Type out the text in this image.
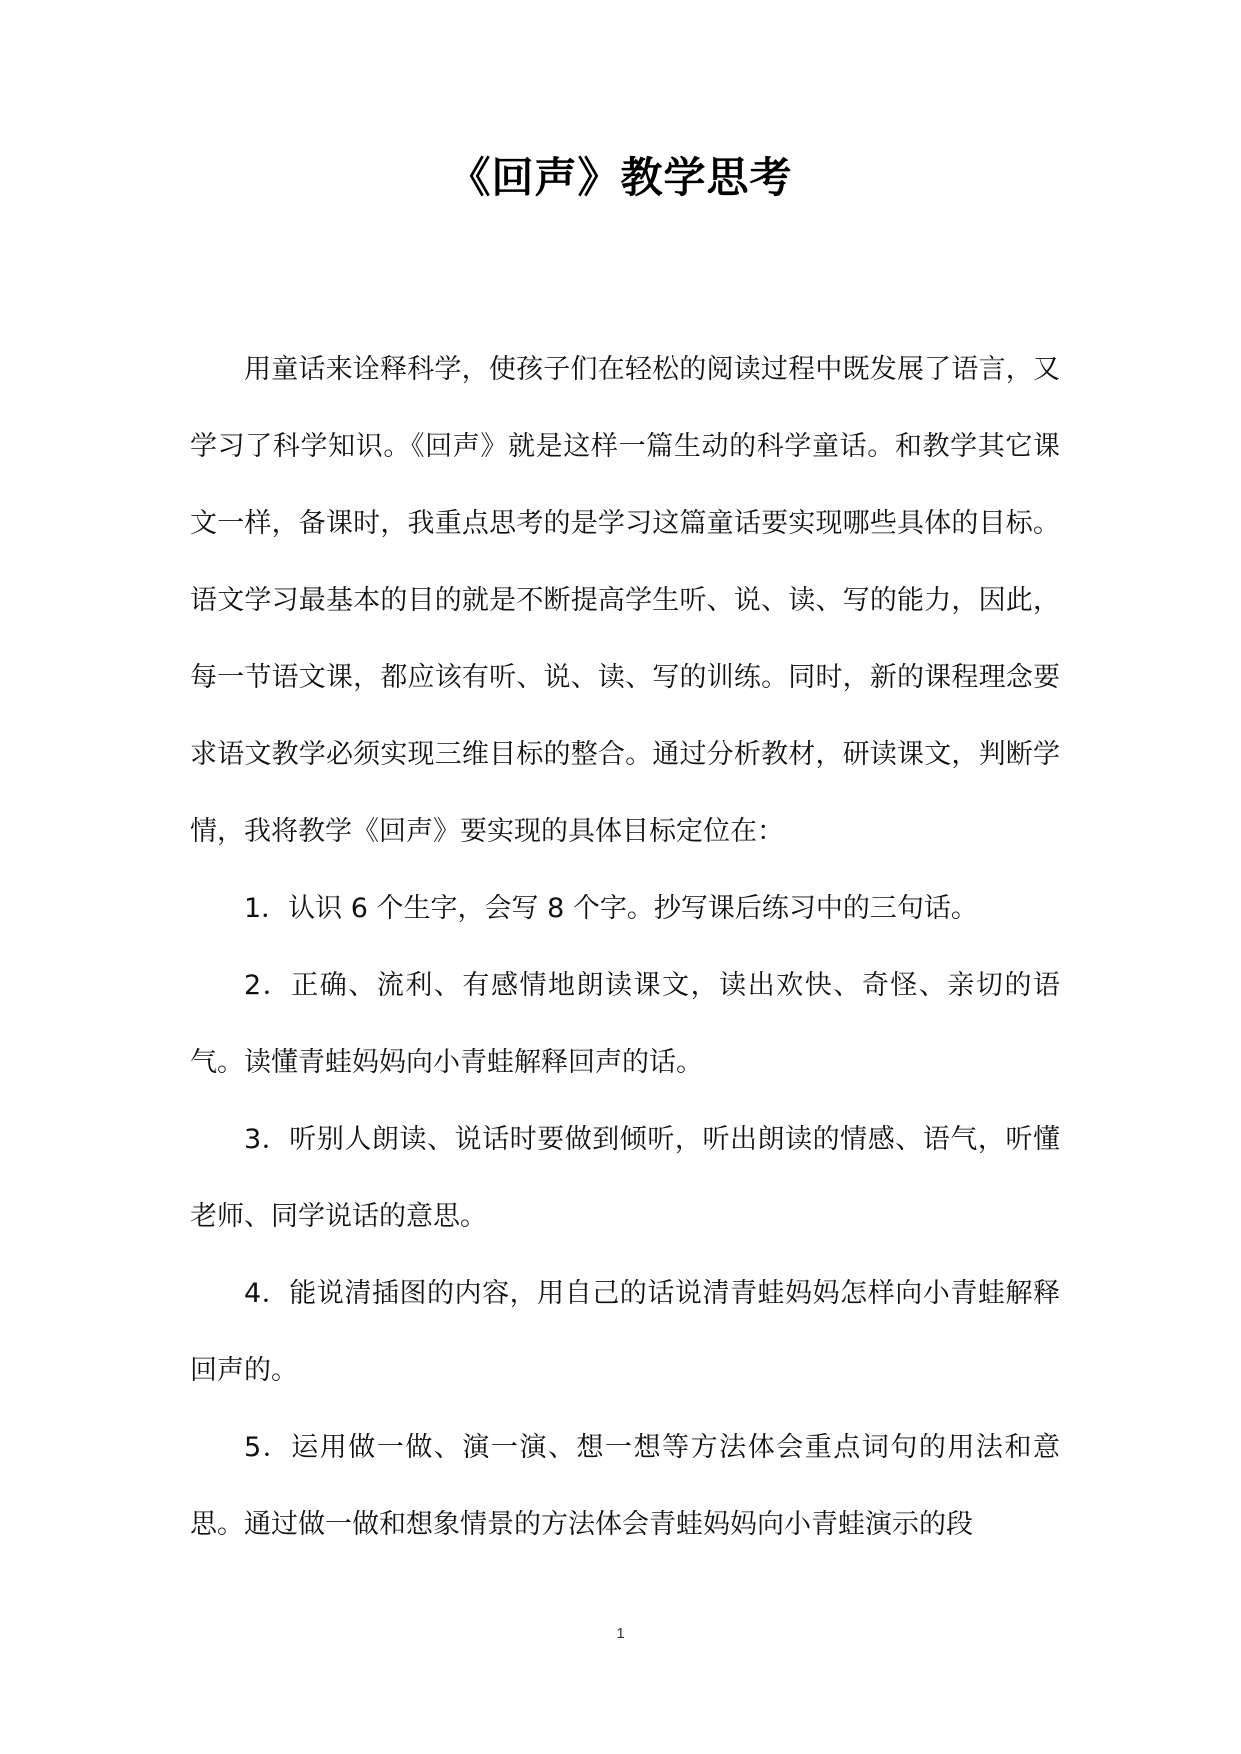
《回声》教学思考

用童话来诠释科学，使孩子们在轻松的阅读过程中既发展了语言，又学习了科学知识。《回声》就是这样一篇生动的科学童话。和教学其它课文一样，备课时，我重点思考的是学习这篇童话要实现哪些具体的目标。语文学习最基本的目的就是不断提高学生听、说、读、写的能力，因此，每一节语文课，都应该有听、说、读、写的训练。同时，新的课程理念要求语文教学必须实现三维目标的整合。通过分析教材，研读课文，判断学情，我将教学《回声》要实现的具体目标定位在：

1．认识 6 个生字，会写 8 个字。抄写课后练习中的三句话。

2．正确、流利、有感情地朗读课文，读出欢快、奇怪、亲切的语气。读懂青蛙妈妈向小青蛙解释回声的话。

3．听别人朗读、说话时要做到倾听，听出朗读的情感、语气，听懂老师、同学说话的意思。

4．能说清插图的内容，用自己的话说清青蛙妈妈怎样向小青蛙解释回声的。

5．运用做一做、演一演、想一想等方法体会重点词句的用法和意思。通过做一做和想象情景的方法体会青蛙妈妈向小青蛙演示的段

1
